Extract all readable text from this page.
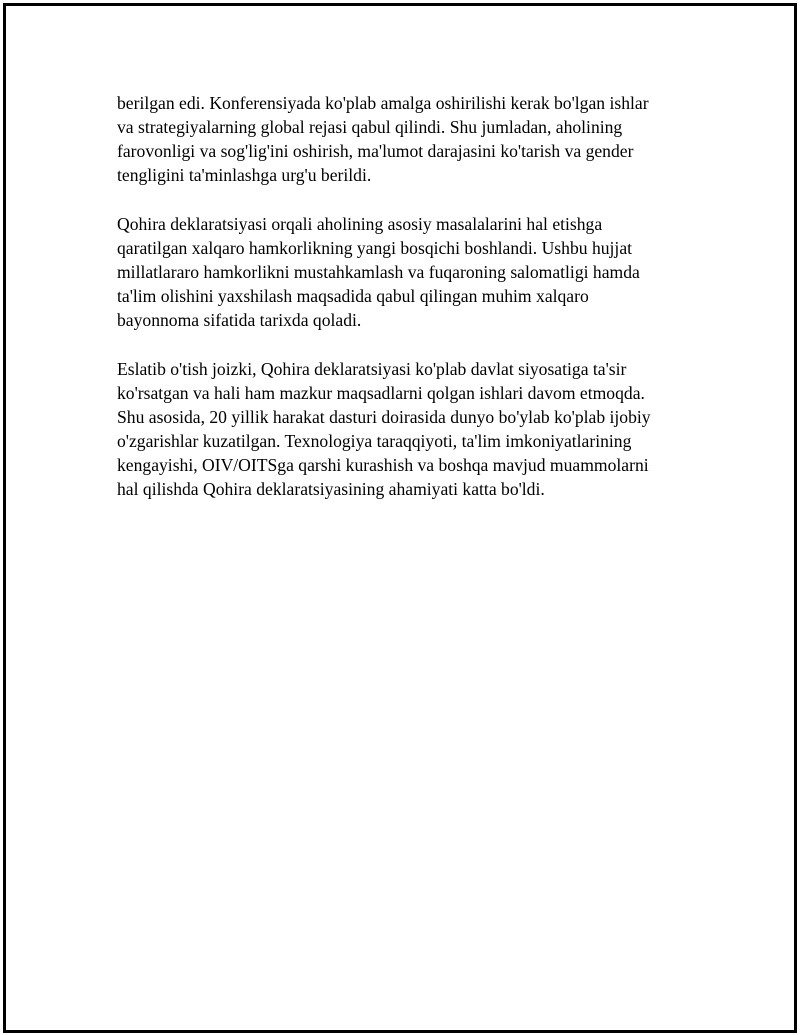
berilgan edi. Konferensiyada ko'plab amalga oshirilishi kerak bo'lgan ishlar
va strategiyalarning global rejasi qabul qilindi. Shu jumladan, aholining
farovonligi va sog'lig'ini oshirish, ma'lumot darajasini ko'tarish va gender
tengligini ta'minlashga urg'u berildi.

Qohira deklaratsiyasi orqali aholining asosiy masalalarini hal etishga
qaratilgan xalqaro hamkorlikning yangi bosqichi boshlandi. Ushbu hujjat
millatlararo hamkorlikni mustahkamlash va fuqaroning salomatligi hamda
ta'lim olishini yaxshilash maqsadida qabul qilingan muhim xalqaro
bayonnoma sifatida tarixda qoladi.

Eslatib o'tish joizki, Qohira deklaratsiyasi ko'plab davlat siyosatiga ta'sir
ko'rsatgan va hali ham mazkur maqsadlarni qolgan ishlari davom etmoqda.
Shu asosida, 20 yillik harakat dasturi doirasida dunyo bo'ylab ko'plab ijobiy
o'zgarishlar kuzatilgan. Texnologiya taraqqiyoti, ta'lim imkoniyatlarining
kengayishi, OIV/OITSga qarshi kurashish va boshqa mavjud muammolarni
hal qilishda Qohira deklaratsiyasining ahamiyati katta bo'ldi.
